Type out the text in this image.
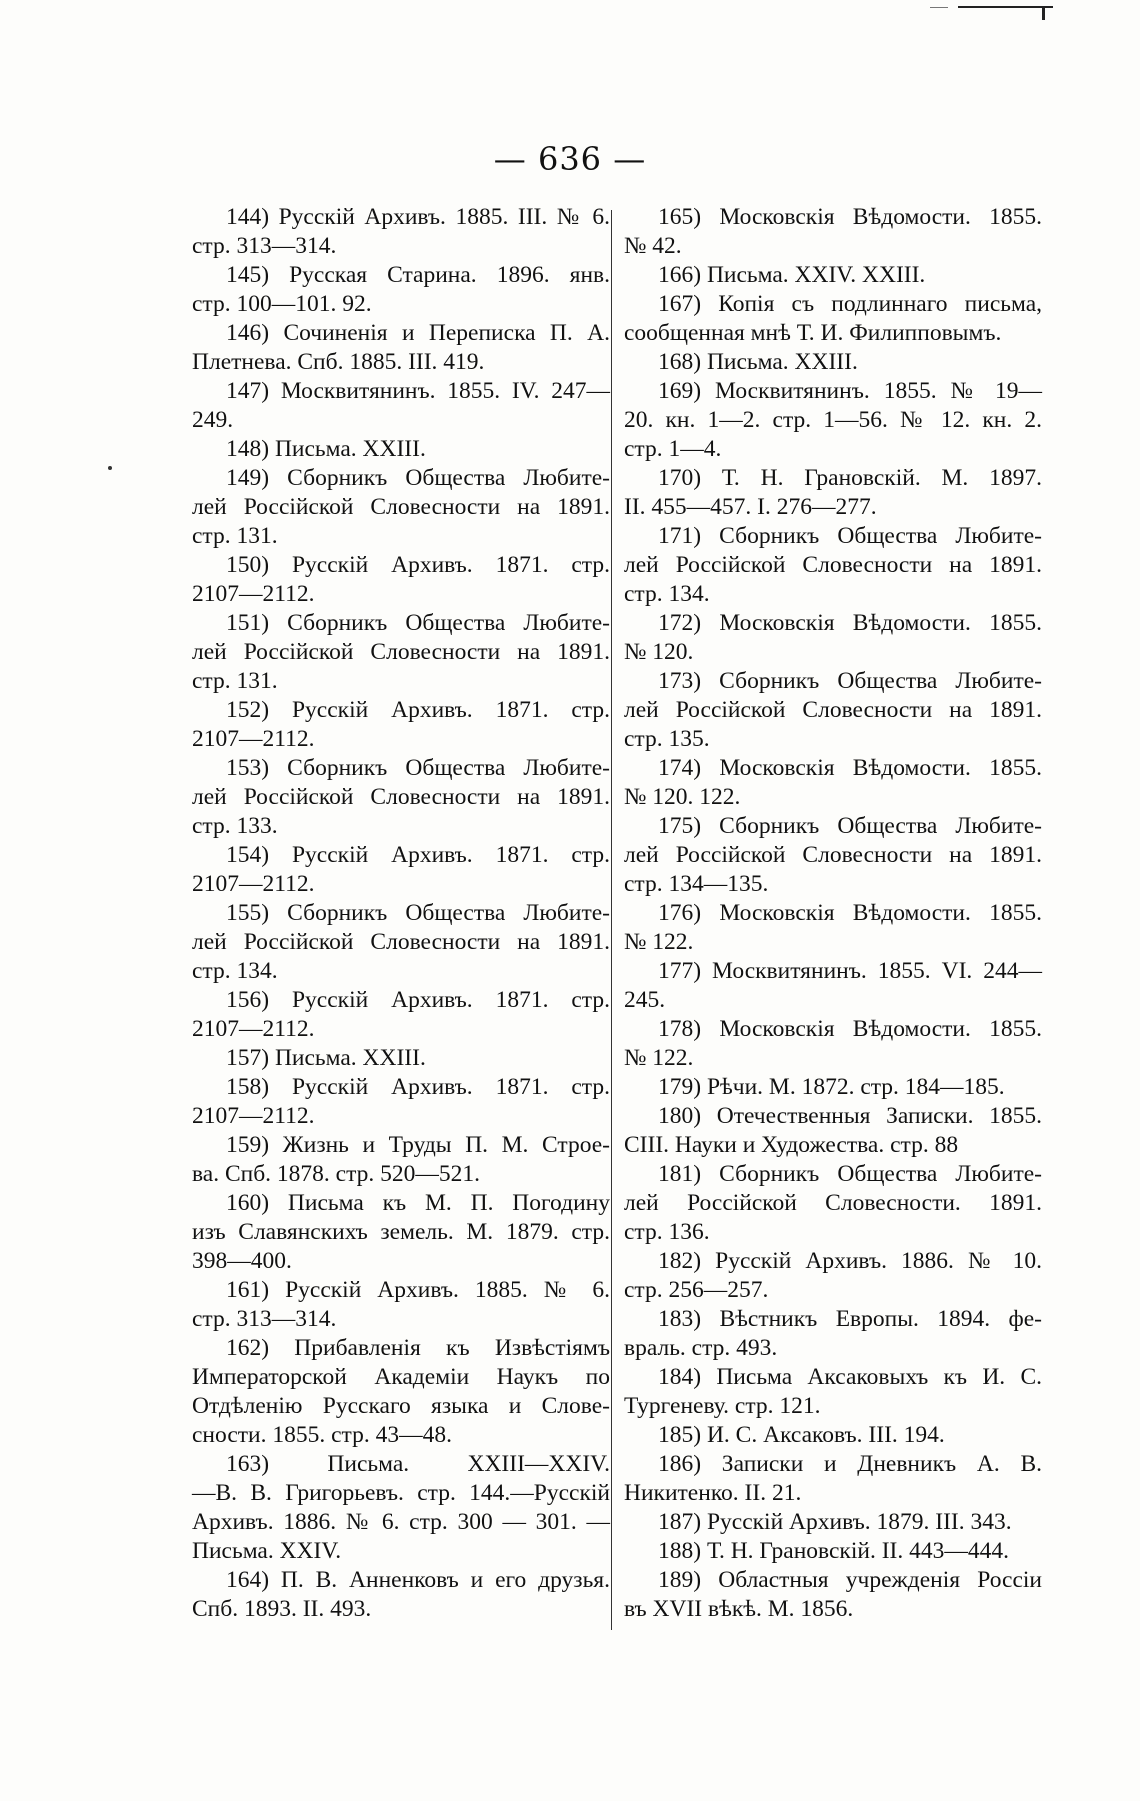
— 636 —
144) Русскій Архивъ. 1885. III. № 6.
стр. 313—314.
145) Русская Старина. 1896. янв.
стр. 100—101. 92.
146) Сочиненія и Переписка П. А.
Плетнева. Спб. 1885. III. 419.
147) Москвитянинъ. 1855. IV. 247—
249.
148) Письма. XXIII.
149) Сборникъ Общества Любите-
лей Россійской Словесности на 1891.
стр. 131.
150) Русскій Архивъ. 1871. стр.
2107—2112.
151) Сборникъ Общества Любите-
лей Россійской Словесности на 1891.
стр. 131.
152) Русскій Архивъ. 1871. стр.
2107—2112.
153) Сборникъ Общества Любите-
лей Россійской Словесности на 1891.
стр. 133.
154) Русскій Архивъ. 1871. стр.
2107—2112.
155) Сборникъ Общества Любите-
лей Россійской Словесности на 1891.
стр. 134.
156) Русскій Архивъ. 1871. стр.
2107—2112.
157) Письма. XXIII.
158) Русскій Архивъ. 1871. стр.
2107—2112.
159) Жизнь и Труды П. М. Строе-
ва. Спб. 1878. стр. 520—521.
160) Письма къ М. П. Погодину
изъ Славянскихъ земель. М. 1879. стр.
398—400.
161) Русскій Архивъ. 1885. № 6.
стр. 313—314.
162) Прибавленія къ Извѣстіямъ
Императорской Академіи Наукъ по
Отдѣленію Русскаго языка и Слове-
сности. 1855. стр. 43—48.
163) Письма. XXIII—XXIV.
—В. В. Григорьевъ. стр. 144.—Русскій
Архивъ. 1886. № 6. стр. 300 — 301. —
Письма. XXIV.
164) П. В. Анненковъ и его друзья.
Спб. 1893. II. 493.
165) Московскія Вѣдомости. 1855.
№ 42.
166) Письма. XXIV. XXIII.
167) Копія съ подлиннаго письма,
сообщенная мнѣ Т. И. Филипповымъ.
168) Письма. XXIII.
169) Москвитянинъ. 1855. № 19—
20. кн. 1—2. стр. 1—56. № 12. кн. 2.
стр. 1—4.
170) Т. Н. Грановскій. М. 1897.
II. 455—457. I. 276—277.
171) Сборникъ Общества Любите-
лей Россійской Словесности на 1891.
стр. 134.
172) Московскія Вѣдомости. 1855.
№ 120.
173) Сборникъ Общества Любите-
лей Россійской Словесности на 1891.
стр. 135.
174) Московскія Вѣдомости. 1855.
№ 120. 122.
175) Сборникъ Общества Любите-
лей Россійской Словесности на 1891.
стр. 134—135.
176) Московскія Вѣдомости. 1855.
№ 122.
177) Москвитянинъ. 1855. VI. 244—
245.
178) Московскія Вѣдомости. 1855.
№ 122.
179) Рѣчи. М. 1872. стр. 184—185.
180) Отечественныя Записки. 1855.
CIII. Науки и Художества. стр. 88
181) Сборникъ Общества Любите-
лей Россійской Словесности. 1891.
стр. 136.
182) Русскій Архивъ. 1886. № 10.
стр. 256—257.
183) Вѣстникъ Европы. 1894. фе-
враль. стр. 493.
184) Письма Аксаковыхъ къ И. С.
Тургеневу. стр. 121.
185) И. С. Аксаковъ. III. 194.
186) Записки и Дневникъ А. В.
Никитенко. II. 21.
187) Русскій Архивъ. 1879. III. 343.
188) Т. Н. Грановскій. II. 443—444.
189) Областныя учрежденія Россіи
въ XVII вѣкѣ. М. 1856.
